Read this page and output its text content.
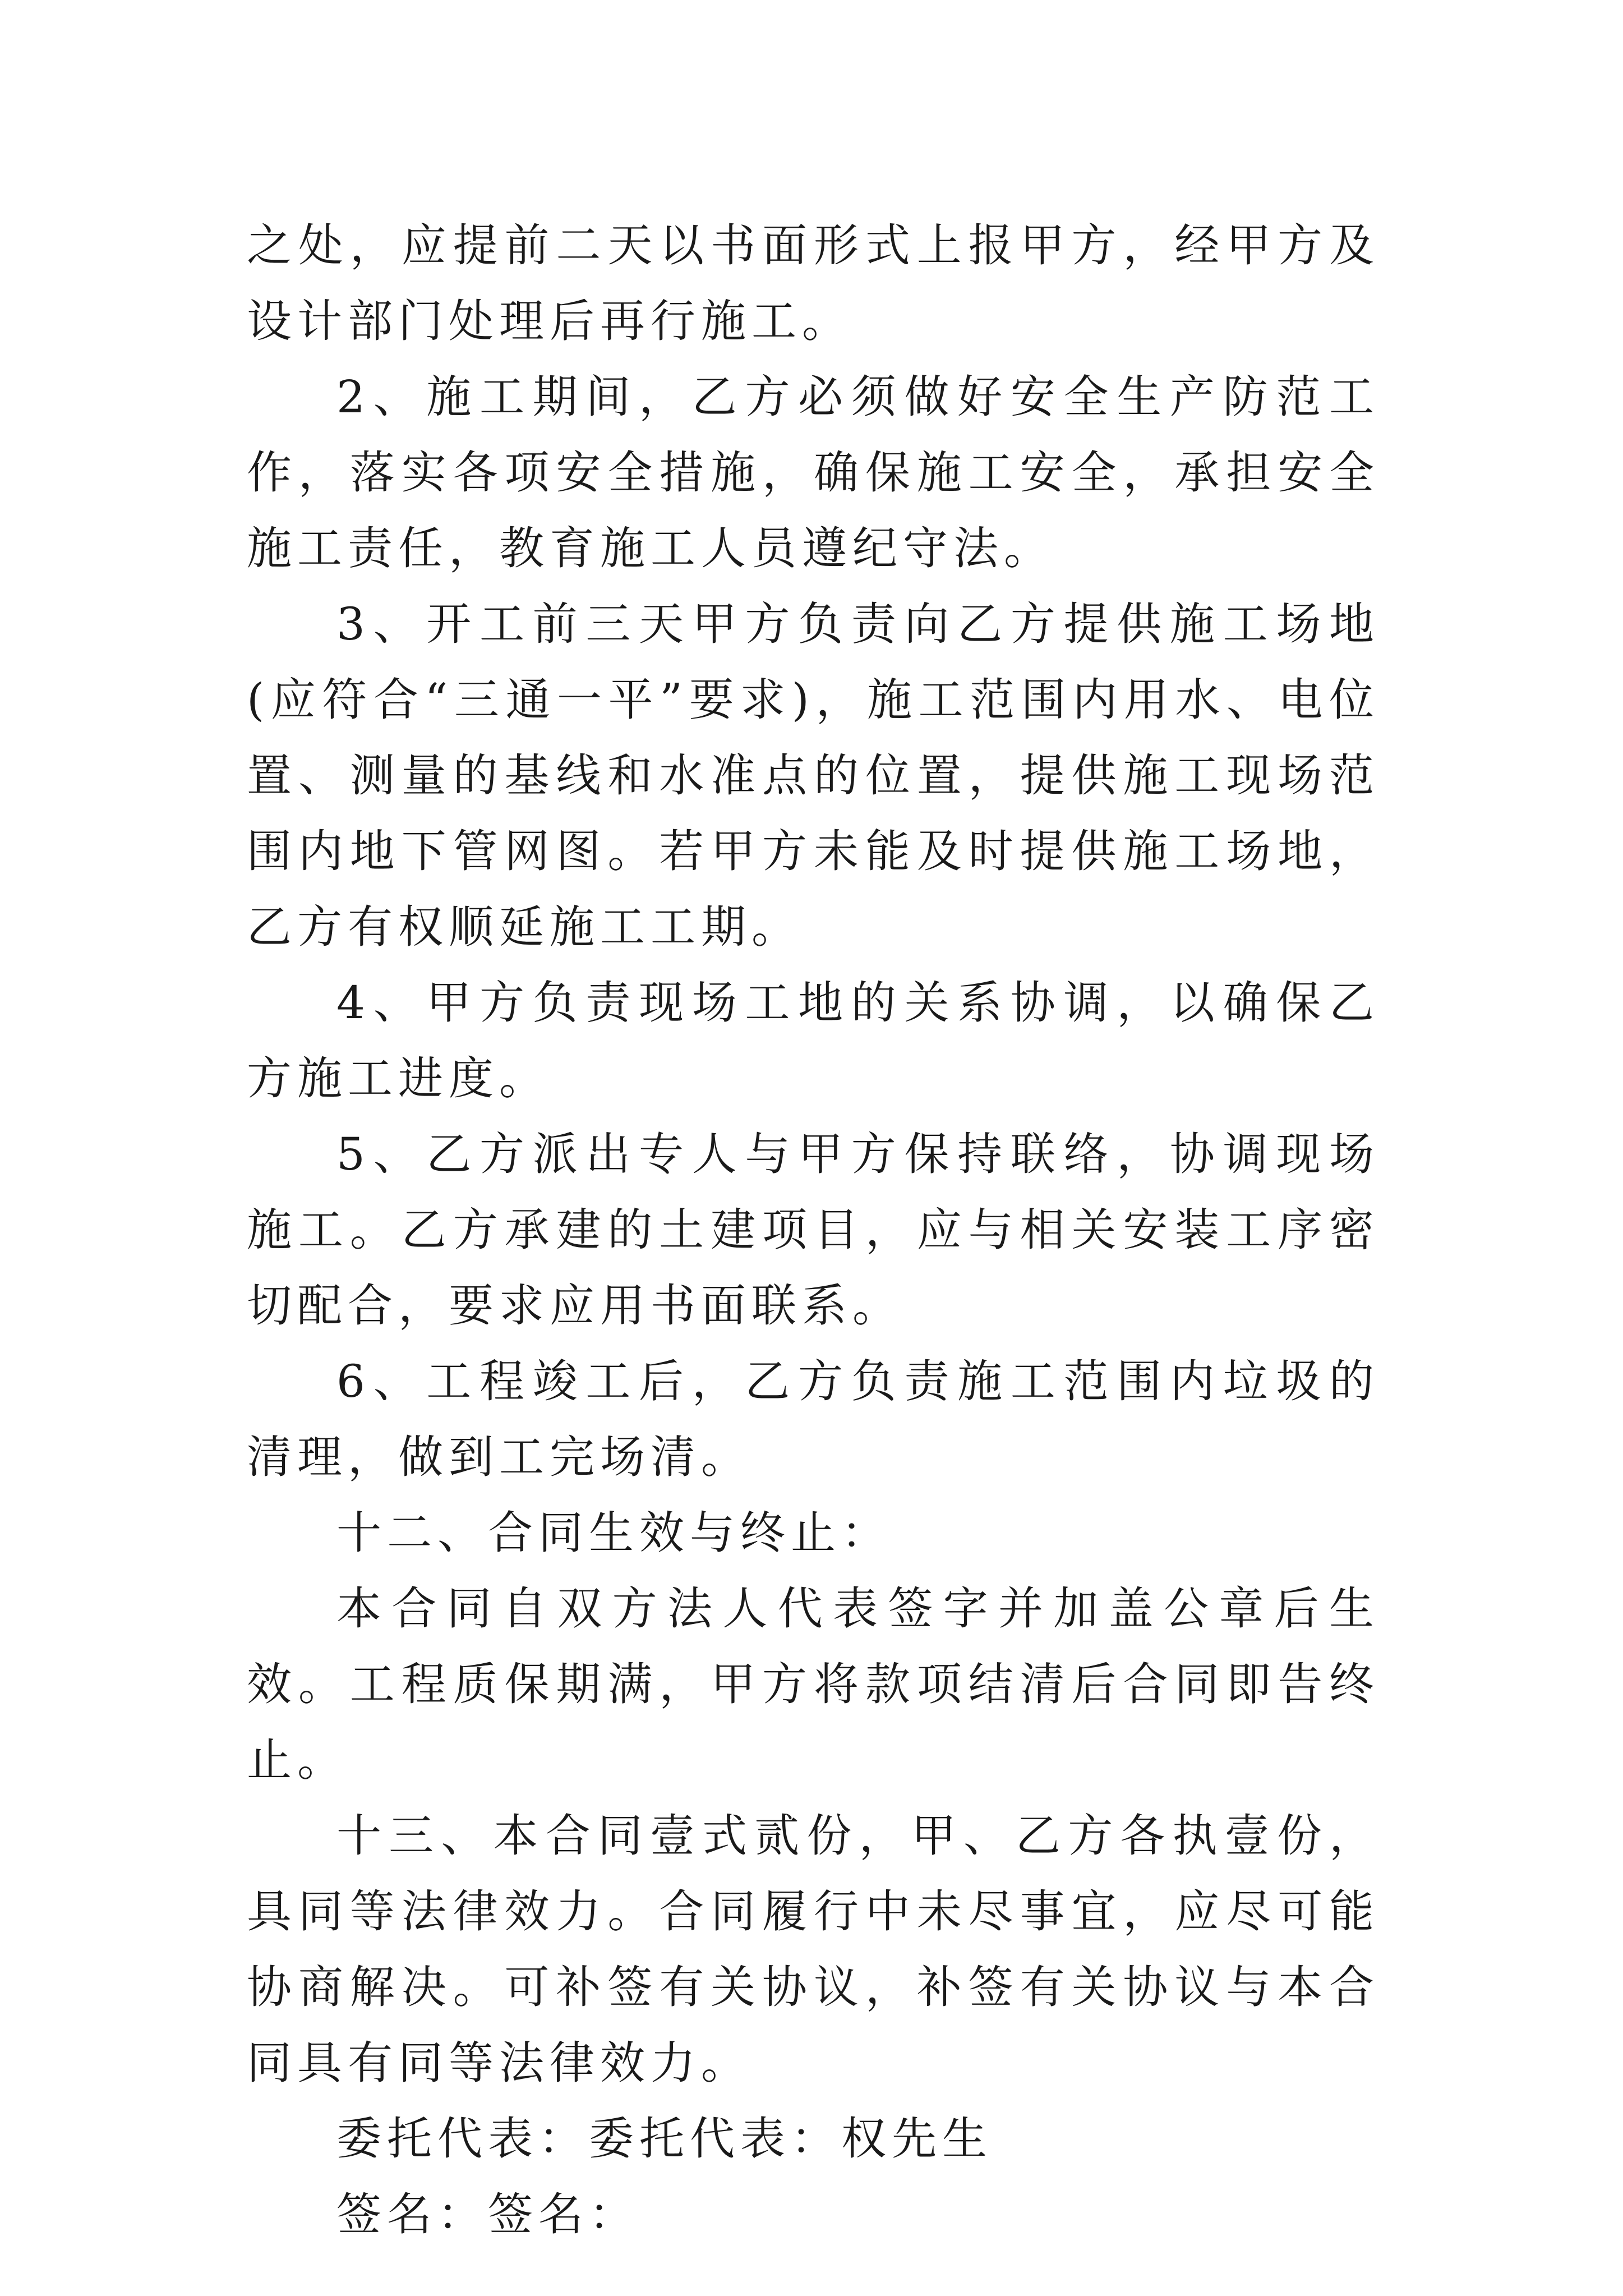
之处，应提前二天以书面形式上报甲方，经甲方及设计部门处理后再行施工。

2、施工期间，乙方必须做好安全生产防范工作，落实各项安全措施，确保施工安全，承担安全施工责任，教育施工人员遵纪守法。

3、开工前三天甲方负责向乙方提供施工场地(应符合“三通一平”要求)，施工范围内用水、电位置、测量的基线和水准点的位置，提供施工现场范围内地下管网图。若甲方未能及时提供施工场地，乙方有权顺延施工工期。

4、甲方负责现场工地的关系协调，以确保乙方施工进度。

5、乙方派出专人与甲方保持联络，协调现场施工。乙方承建的土建项目，应与相关安装工序密切配合，要求应用书面联系。

6、工程竣工后，乙方负责施工范围内垃圾的清理，做到工完场清。

十二、合同生效与终止：

本合同自双方法人代表签字并加盖公章后生效。工程质保期满，甲方将款项结清后合同即告终止。

十三、本合同壹式贰份，甲、乙方各执壹份，具同等法律效力。合同履行中未尽事宜，应尽可能协商解决。可补签有关协议，补签有关协议与本合同具有同等法律效力。

委托代表：委托代表：权先生

签名：签名：
